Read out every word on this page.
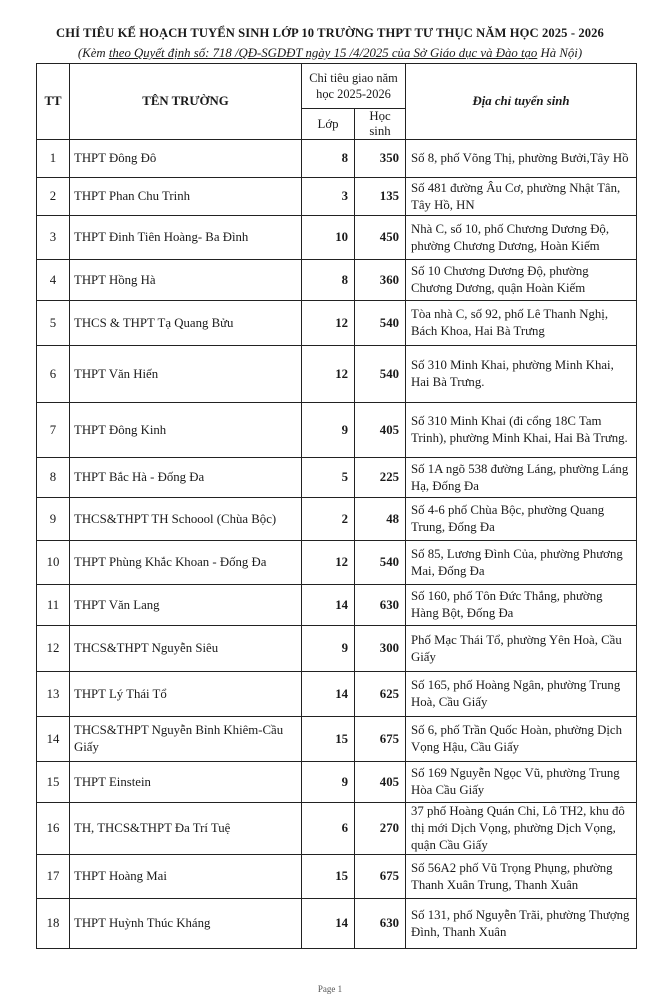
CHỈ TIÊU KẾ HOẠCH TUYỂN SINH LỚP 10 TRƯỜNG THPT TƯ THỤC NĂM HỌC 2025 - 2026
(Kèm theo Quyết định số: 718 /QĐ-SGDĐT ngày 15 /4/2025 của Sở Giáo dục và Đào tạo Hà Nội)
TT	TÊN TRƯỜNG	Chỉ tiêu giao năm học 2025-2026		Địa chỉ tuyển sinh
		Lớp	Học sinh	
1	THPT Đông Đô	8	350	Số 8, phố Võng Thị, phường Bưởi,Tây Hồ
2	THPT Phan Chu Trinh	3	135	Số 481 đường Âu Cơ, phường Nhật Tân, Tây Hồ, HN
3	THPT Đinh Tiên Hoàng- Ba Đình	10	450	Nhà C, số 10, phố Chương Dương Độ, phường Chương Dương, Hoàn Kiếm
4	THPT Hồng Hà	8	360	Số 10 Chương Dương Độ, phường Chương Dương, quận Hoàn Kiếm
5	THCS & THPT Tạ Quang Bửu	12	540	Tòa nhà C, số 92, phố Lê Thanh Nghị, Bách Khoa, Hai Bà Trưng
6	THPT Văn Hiến	12	540	Số 310 Minh Khai, phường Minh Khai, Hai Bà Trưng.
7	THPT Đông Kinh	9	405	Số 310 Minh Khai (đi cổng 18C Tam Trinh), phường Minh Khai, Hai Bà Trưng.
8	THPT Bắc Hà - Đống Đa	5	225	Số 1A ngõ 538 đường Láng, phường Láng Hạ, Đống Đa
9	THCS&THPT TH Schoool (Chùa Bộc)	2	48	Số 4-6 phố Chùa Bộc, phường Quang Trung, Đống Đa
10	THPT Phùng Khắc Khoan - Đống Đa	12	540	Số 85, Lương Đình Của, phường Phương Mai, Đống Đa
11	THPT Văn Lang	14	630	Số 160, phố Tôn Đức Thắng, phường Hàng Bột, Đống Đa
12	THCS&THPT Nguyễn Siêu	9	300	Phố Mạc Thái Tổ, phường Yên Hoà, Cầu Giấy
13	THPT Lý Thái Tổ	14	625	Số 165, phố Hoàng Ngân, phường Trung Hoà, Cầu Giấy
14	THCS&THPT Nguyễn Bỉnh Khiêm-Cầu Giấy	15	675	Số 6, phố Trần Quốc Hoàn, phường Dịch Vọng Hậu, Cầu Giấy
15	THPT Einstein	9	405	Số 169 Nguyễn Ngọc Vũ, phường Trung Hòa Cầu Giấy
16	TH, THCS&THPT Đa Trí Tuệ	6	270	37 phố Hoàng Quán Chi, Lô TH2, khu đô thị mới Dịch Vọng, phường Dịch Vọng, quận Cầu Giấy
17	THPT Hoàng Mai	15	675	Số 56A2 phố Vũ Trọng Phụng, phường Thanh Xuân Trung, Thanh Xuân
18	THPT Huỳnh Thúc Kháng	14	630	Số 131, phố Nguyễn Trãi, phường Thượng Đình, Thanh Xuân
Page 1
